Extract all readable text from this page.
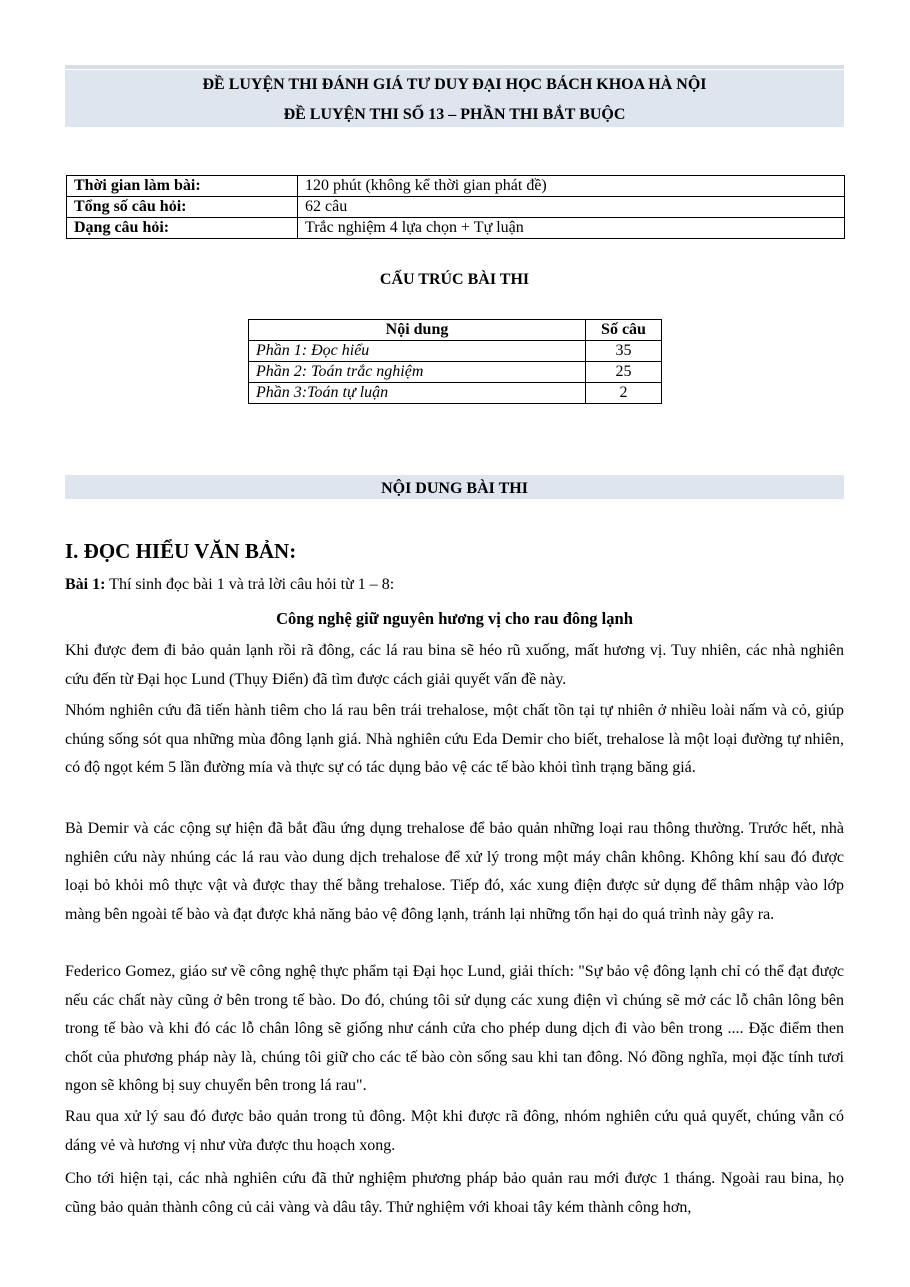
ĐỀ LUYỆN THI ĐÁNH GIÁ TƯ DUY ĐẠI HỌC BÁCH KHOA HÀ NỘI
ĐỀ LUYỆN THI SỐ 13 – PHẦN THI BẮT BUỘC
Thời gian làm bài:	120 phút (không kể thời gian phát đề)
Tổng số câu hỏi:	62 câu
Dạng câu hỏi:	Trắc nghiệm 4 lựa chọn + Tự luận
CẤU TRÚC BÀI THI
Nội dung	Số câu
Phần 1: Đọc hiểu	35
Phần 2: Toán trắc nghiệm	25
Phần 3:Toán tự luận	2
NỘI DUNG BÀI THI
I. ĐỌC HIỂU VĂN BẢN:
Bài 1: Thí sinh đọc bài 1 và trả lời câu hỏi từ 1 – 8:
Công nghệ giữ nguyên hương vị cho rau đông lạnh

Khi được đem đi bảo quản lạnh rồi rã đông, các lá rau bina sẽ héo rũ xuống, mất hương vị. Tuy nhiên, các nhà nghiên cứu đến từ Đại học Lund (Thụy Điển) đã tìm được cách giải quyết vấn đề này.

Nhóm nghiên cứu đã tiến hành tiêm cho lá rau bên trái trehalose, một chất tồn tại tự nhiên ở nhiều loài nấm và cỏ, giúp chúng sống sót qua những mùa đông lạnh giá. Nhà nghiên cứu Eda Demir cho biết, trehalose là một loại đường tự nhiên, có độ ngọt kém 5 lần đường mía và thực sự có tác dụng bảo vệ các tế bào khỏi tình trạng băng giá.

Bà Demir và các cộng sự hiện đã bắt đầu ứng dụng trehalose để bảo quản những loại rau thông thường. Trước hết, nhà nghiên cứu này nhúng các lá rau vào dung dịch trehalose để xử lý trong một máy chân không. Không khí sau đó được loại bỏ khỏi mô thực vật và được thay thế bằng trehalose. Tiếp đó, xác xung điện được sử dụng để thâm nhập vào lớp màng bên ngoài tế bào và đạt được khả năng bảo vệ đông lạnh, tránh lại những tổn hại do quá trình này gây ra.

Federico Gomez, giáo sư về công nghệ thực phẩm tại Đại học Lund, giải thích: "Sự bảo vệ đông lạnh chỉ có thể đạt được nếu các chất này cũng ở bên trong tế bào. Do đó, chúng tôi sử dụng các xung điện vì chúng sẽ mở các lỗ chân lông bên trong tế bào và khi đó các lỗ chân lông sẽ giống như cánh cửa cho phép dung dịch đi vào bên trong .... Đặc điểm then chốt của phương pháp này là, chúng tôi giữ cho các tế bào còn sống sau khi tan đông. Nó đồng nghĩa, mọi đặc tính tươi ngon sẽ không bị suy chuyển bên trong lá rau".

Rau qua xử lý sau đó được bảo quản trong tủ đông. Một khi được rã đông, nhóm nghiên cứu quả quyết, chúng vẫn có dáng vẻ và hương vị như vừa được thu hoạch xong.

Cho tới hiện tại, các nhà nghiên cứu đã thử nghiệm phương pháp bảo quản rau mới được 1 tháng. Ngoài rau bina, họ cũng bảo quản thành công củ cải vàng và dâu tây. Thử nghiệm với khoai tây kém thành công hơn,
